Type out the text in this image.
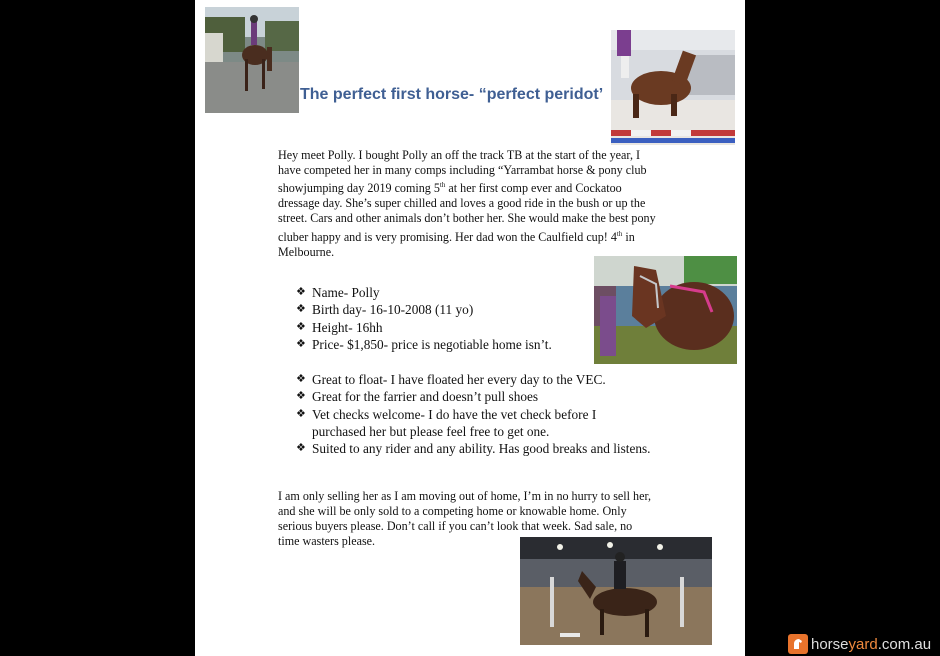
The perfect first horse- “perfect peridot’

Hey meet Polly. I bought Polly an off the track TB at the start of the year, I have competed her in many comps including “Yarrambat horse & pony club showjumping day 2019 coming 5th at her first comp ever and Cockatoo dressage day. She’s super chilled and loves a good ride in the bush or up the street. Cars and other animals don’t bother her. She would make the best pony cluber happy and is very promising. Her dad won the Caulfield cup! 4th in Melbourne.

❖ Name- Polly
❖ Birth day- 16-10-2008 (11 yo)
❖ Height- 16hh
❖ Price- $1,850- price is negotiable home isn’t.
❖ Great to float- I have floated her every day to the VEC.
❖ Great for the farrier and doesn’t pull shoes
❖ Vet checks welcome- I do have the vet check before I purchased her but please feel free to get one.
❖ Suited to any rider and any ability. Has good breaks and listens.

I am only selling her as I am moving out of home, I’m in no hurry to sell her, and she will be only sold to a competing home or knowable home. Only serious buyers please. Don’t call if you can’t look that week. Sad sale, no time wasters please.

horseyard.com.au
